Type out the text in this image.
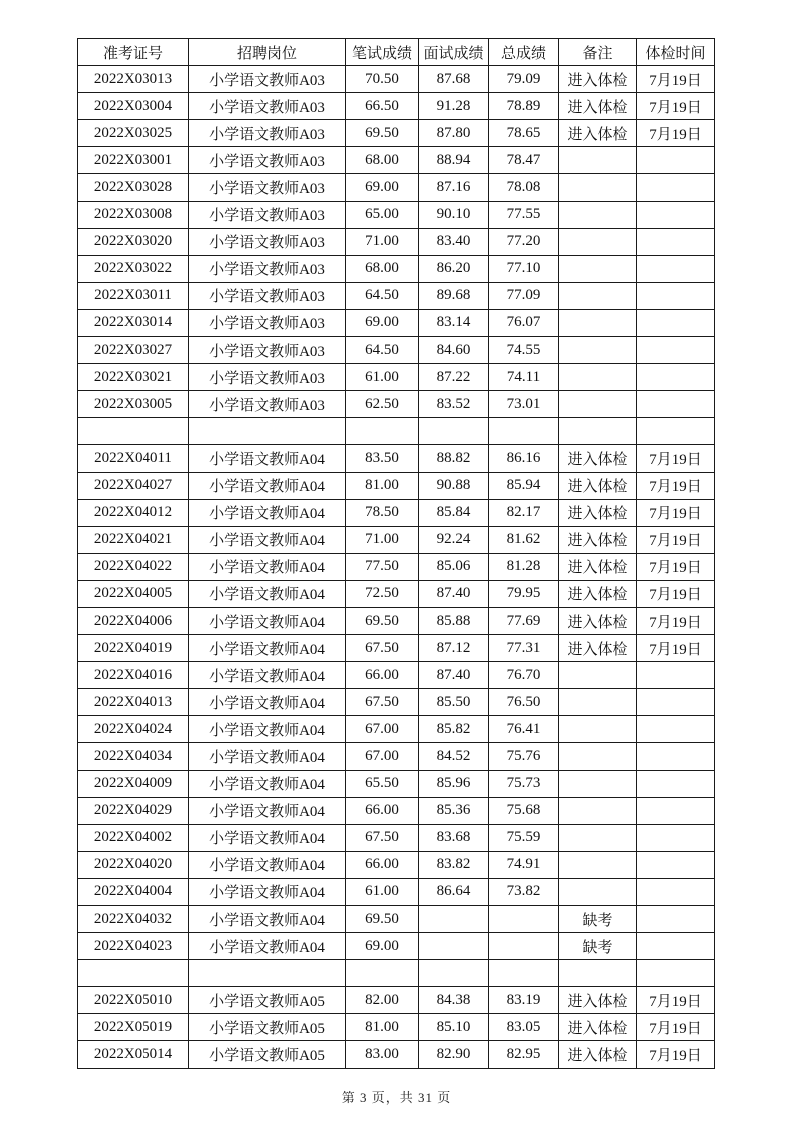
准考证号	招聘岗位	笔试成绩	面试成绩	总成绩	备注	体检时间
2022X03013	小学语文教师A03	70.50	87.68	79.09	进入体检	7月19日
2022X03004	小学语文教师A03	66.50	91.28	78.89	进入体检	7月19日
2022X03025	小学语文教师A03	69.50	87.80	78.65	进入体检	7月19日
2022X03001	小学语文教师A03	68.00	88.94	78.47		
2022X03028	小学语文教师A03	69.00	87.16	78.08		
2022X03008	小学语文教师A03	65.00	90.10	77.55		
2022X03020	小学语文教师A03	71.00	83.40	77.20		
2022X03022	小学语文教师A03	68.00	86.20	77.10		
2022X03011	小学语文教师A03	64.50	89.68	77.09		
2022X03014	小学语文教师A03	69.00	83.14	76.07		
2022X03027	小学语文教师A03	64.50	84.60	74.55		
2022X03021	小学语文教师A03	61.00	87.22	74.11		
2022X03005	小学语文教师A03	62.50	83.52	73.01		

2022X04011	小学语文教师A04	83.50	88.82	86.16	进入体检	7月19日
2022X04027	小学语文教师A04	81.00	90.88	85.94	进入体检	7月19日
2022X04012	小学语文教师A04	78.50	85.84	82.17	进入体检	7月19日
2022X04021	小学语文教师A04	71.00	92.24	81.62	进入体检	7月19日
2022X04022	小学语文教师A04	77.50	85.06	81.28	进入体检	7月19日
2022X04005	小学语文教师A04	72.50	87.40	79.95	进入体检	7月19日
2022X04006	小学语文教师A04	69.50	85.88	77.69	进入体检	7月19日
2022X04019	小学语文教师A04	67.50	87.12	77.31	进入体检	7月19日
2022X04016	小学语文教师A04	66.00	87.40	76.70		
2022X04013	小学语文教师A04	67.50	85.50	76.50		
2022X04024	小学语文教师A04	67.00	85.82	76.41		
2022X04034	小学语文教师A04	67.00	84.52	75.76		
2022X04009	小学语文教师A04	65.50	85.96	75.73		
2022X04029	小学语文教师A04	66.00	85.36	75.68		
2022X04002	小学语文教师A04	67.50	83.68	75.59		
2022X04020	小学语文教师A04	66.00	83.82	74.91		
2022X04004	小学语文教师A04	61.00	86.64	73.82		
2022X04032	小学语文教师A04	69.50			缺考	
2022X04023	小学语文教师A04	69.00			缺考	

2022X05010	小学语文教师A05	82.00	84.38	83.19	进入体检	7月19日
2022X05019	小学语文教师A05	81.00	85.10	83.05	进入体检	7月19日
2022X05014	小学语文教师A05	83.00	82.90	82.95	进入体检	7月19日
第 3 页，共 31 页
